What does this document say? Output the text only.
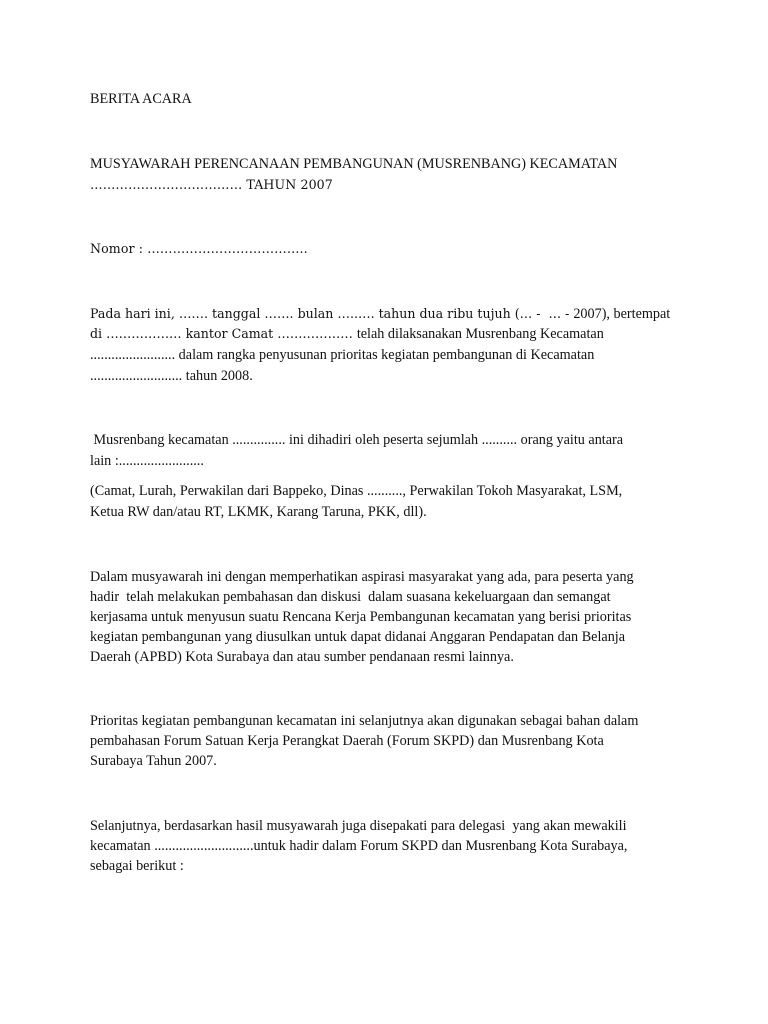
BERITA ACARA
MUSYAWARAH PERENCANAAN PEMBANGUNAN (MUSRENBANG) KECAMATAN
……………………………… TAHUN 2007
Nomor : ………………………………..
Pada hari ini, ……. tanggal ……. bulan …..…. tahun dua ribu tujuh (… -  … - 2007), bertempat
di ……………… kantor Camat ……………… telah dilaksanakan Musrenbang Kecamatan
........................ dalam rangka penyusunan prioritas kegiatan pembangunan di Kecamatan
.......................... tahun 2008.
Musrenbang kecamatan ............... ini dihadiri oleh peserta sejumlah .......... orang yaitu antara
lain :........................
(Camat, Lurah, Perwakilan dari Bappeko, Dinas .........., Perwakilan Tokoh Masyarakat, LSM,
Ketua RW dan/atau RT, LKMK, Karang Taruna, PKK, dll).
Dalam musyawarah ini dengan memperhatikan aspirasi masyarakat yang ada, para peserta yang
hadir  telah melakukan pembahasan dan diskusi  dalam suasana kekeluargaan dan semangat
kerjasama untuk menyusun suatu Rencana Kerja Pembangunan kecamatan yang berisi prioritas
kegiatan pembangunan yang diusulkan untuk dapat didanai Anggaran Pendapatan dan Belanja
Daerah (APBD) Kota Surabaya dan atau sumber pendanaan resmi lainnya.
Prioritas kegiatan pembangunan kecamatan ini selanjutnya akan digunakan sebagai bahan dalam
pembahasan Forum Satuan Kerja Perangkat Daerah (Forum SKPD) dan Musrenbang Kota
Surabaya Tahun 2007.
Selanjutnya, berdasarkan hasil musyawarah juga disepakati para delegasi  yang akan mewakili
kecamatan ............................untuk hadir dalam Forum SKPD dan Musrenbang Kota Surabaya,
sebagai berikut :
